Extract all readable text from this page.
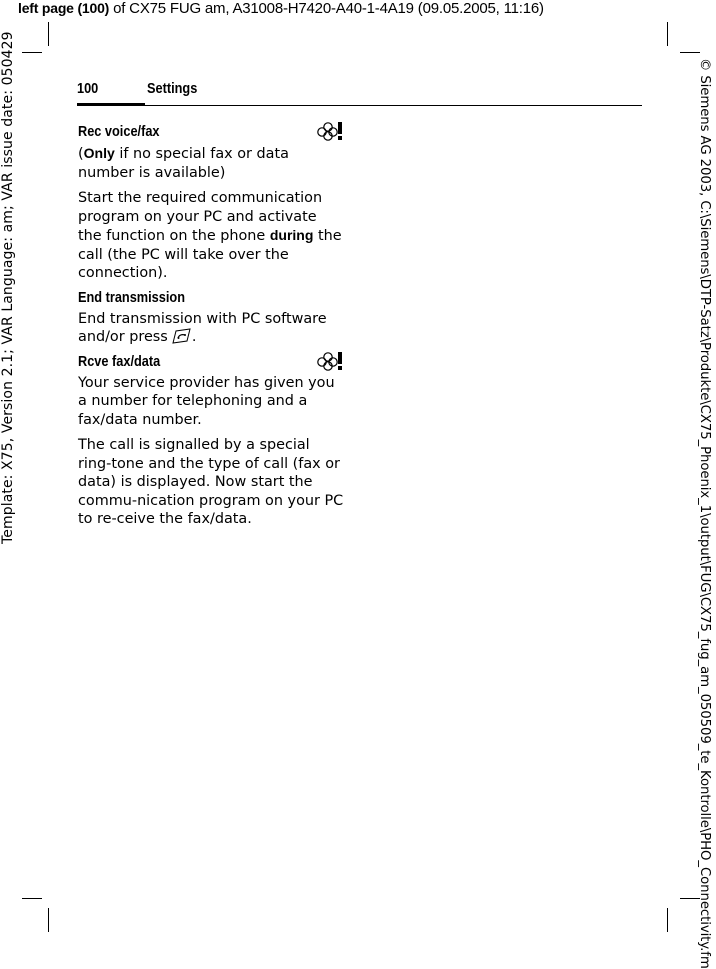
left page (100) of CX75 FUG am, A31008-H7420-A40-1-4A19 (09.05.2005, 11:16)
Template: X75, Version 2.1; VAR Language: am; VAR issue date: 050429	© Siemens AG 2003, C:\Siemens\DTP-Satz\Produkte\CX75_Phoenix_1\output\FUG\CX75_fug_am_050509_te_Kontrolle\PHO_Connectivity.fm
100	Settings
Rec voice/fax
(Only if no special fax or data number is available)
Start the required communication program on your PC and activate the function on the phone during the call (the PC will take over the connection).
End transmission
End transmission with PC software and/or press .
Rcve fax/data
Your service provider has given you a number for telephoning and a fax/data number.
The call is signalled by a special ring-tone and the type of call (fax or data) is displayed. Now start the commu-nication program on your PC to re-ceive the fax/data.
